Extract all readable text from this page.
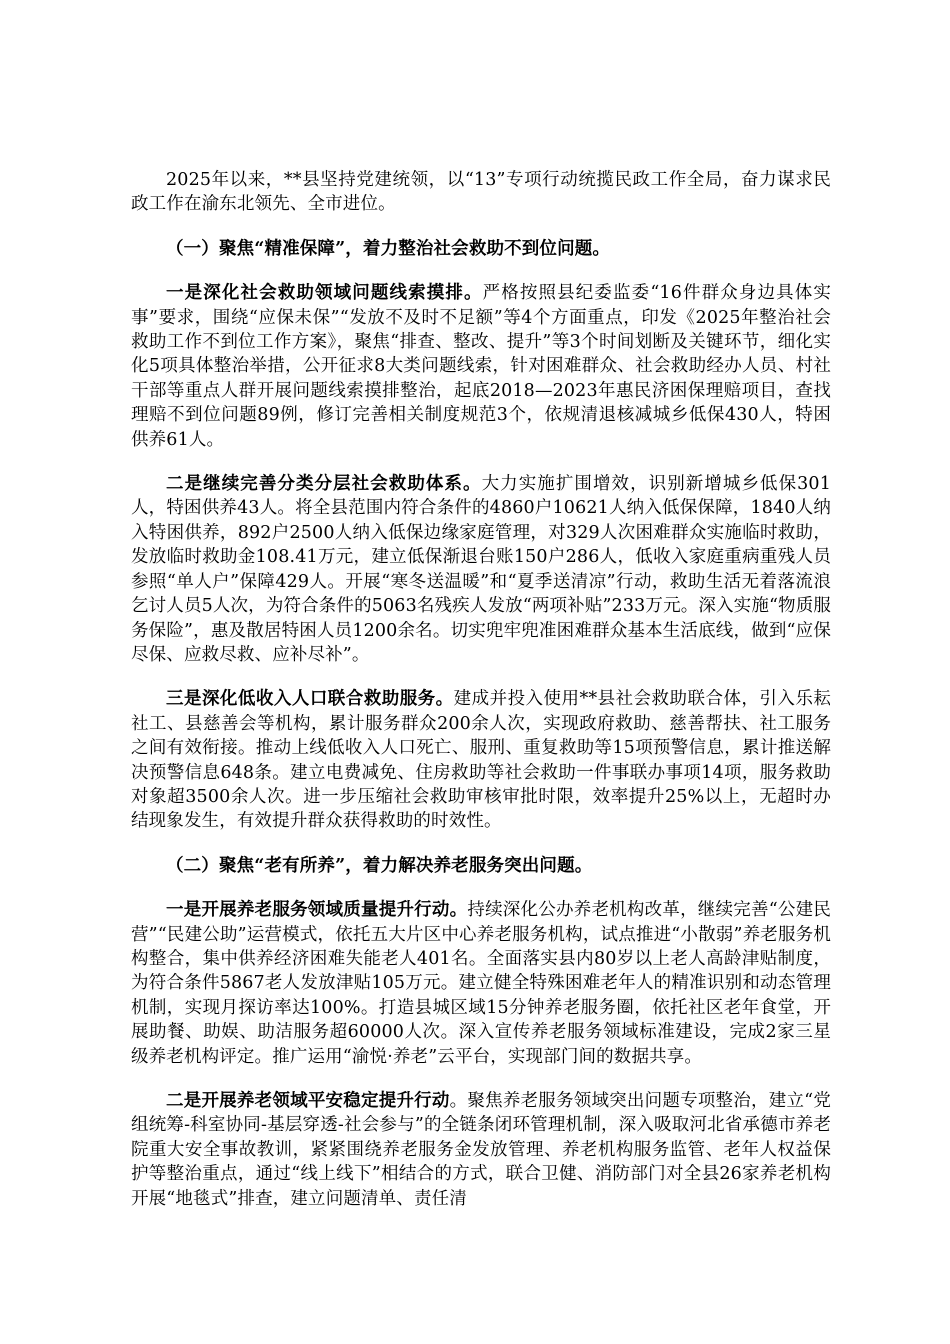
2025年以来，**县坚持党建统领，以“13”专项行动统揽民政工作全局，奋力谋求民政工作在渝东北领先、全市进位。

（一）聚焦“精准保障”，着力整治社会救助不到位问题。

一是深化社会救助领域问题线索摸排。严格按照县纪委监委“16件群众身边具体实事”要求，围绕“应保未保”“发放不及时不足额”等4个方面重点，印发《2025年整治社会救助工作不到位工作方案》，聚焦“排查、整改、提升”等3个时间划断及关键环节，细化实化5项具体整治举措，公开征求8大类问题线索，针对困难群众、社会救助经办人员、村社干部等重点人群开展问题线索摸排整治，起底2018—2023年惠民济困保理赔项目，查找理赔不到位问题89例，修订完善相关制度规范3个，依规清退核减城乡低保430人，特困供养61人。

二是继续完善分类分层社会救助体系。大力实施扩围增效，识别新增城乡低保301人，特困供养43人。将全县范围内符合条件的4860户10621人纳入低保保障，1840人纳入特困供养，892户2500人纳入低保边缘家庭管理，对329人次困难群众实施临时救助，发放临时救助金108.41万元，建立低保渐退台账150户286人，低收入家庭重病重残人员参照“单人户”保障429人。开展“寒冬送温暖”和“夏季送清凉”行动，救助生活无着落流浪乞讨人员5人次，为符合条件的5063名残疾人发放“两项补贴”233万元。深入实施“物质服务保险”，惠及散居特困人员1200余名。切实兜牢兜准困难群众基本生活底线，做到“应保尽保、应救尽救、应补尽补”。

三是深化低收入人口联合救助服务。建成并投入使用**县社会救助联合体，引入乐耘社工、县慈善会等机构，累计服务群众200余人次，实现政府救助、慈善帮扶、社工服务之间有效衔接。推动上线低收入人口死亡、服刑、重复救助等15项预警信息，累计推送解决预警信息648条。建立电费减免、住房救助等社会救助一件事联办事项14项，服务救助对象超3500余人次。进一步压缩社会救助审核审批时限，效率提升25%以上，无超时办结现象发生，有效提升群众获得救助的时效性。

（二）聚焦“老有所养”，着力解决养老服务突出问题。

一是开展养老服务领域质量提升行动。持续深化公办养老机构改革，继续完善“公建民营”“民建公助”运营模式，依托五大片区中心养老服务机构，试点推进“小散弱”养老服务机构整合，集中供养经济困难失能老人401名。全面落实县内80岁以上老人高龄津贴制度，为符合条件5867老人发放津贴105万元。建立健全特殊困难老年人的精准识别和动态管理机制，实现月探访率达100%。打造县城区域15分钟养老服务圈，依托社区老年食堂，开展助餐、助娱、助洁服务超60000人次。深入宣传养老服务领域标准建设，完成2家三星级养老机构评定。推广运用“渝悦·养老”云平台，实现部门间的数据共享。

二是开展养老领域平安稳定提升行动。聚焦养老服务领域突出问题专项整治，建立“党组统筹-科室协同-基层穿透-社会参与”的全链条闭环管理机制，深入吸取河北省承德市养老院重大安全事故教训，紧紧围绕养老服务金发放管理、养老机构服务监管、老年人权益保护等整治重点，通过“线上线下”相结合的方式，联合卫健、消防部门对全县26家养老机构开展“地毯式”排查，建立问题清单、责任清
